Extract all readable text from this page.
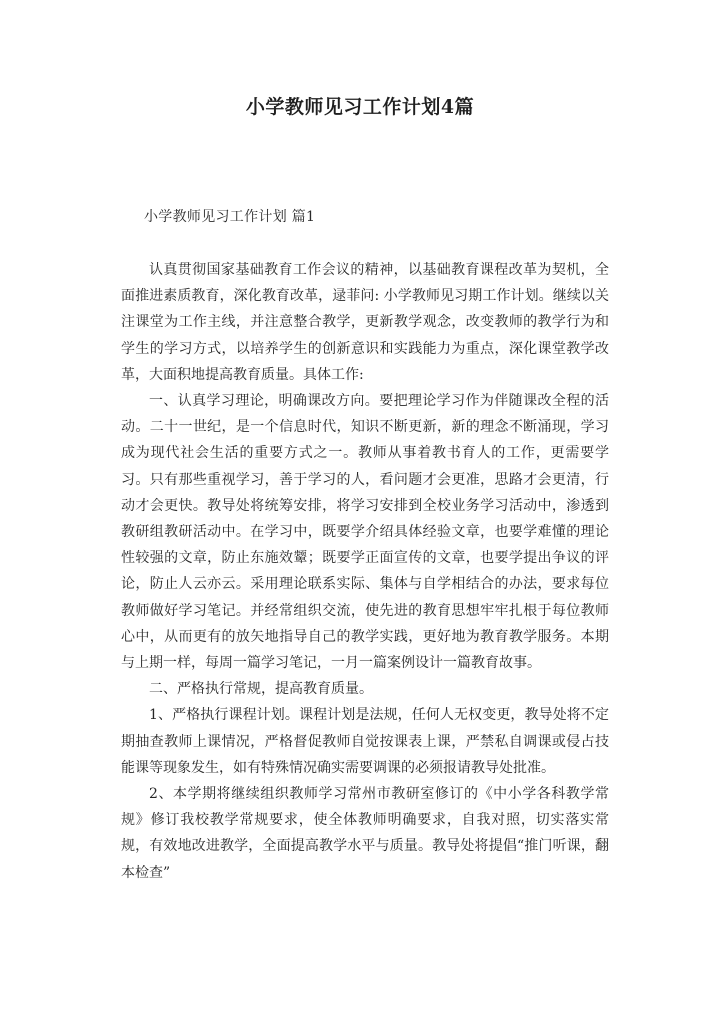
小学教师见习工作计划4篇
小学教师见习工作计划 篇1

认真贯彻国家基础教育工作会议的精神，以基础教育课程改革为契机，全面推进素质教育，深化教育改革，逯菲问: 小学教师见习期工作计划。继续以关注课堂为工作主线，并注意整合教学，更新教学观念，改变教师的教学行为和学生的学习方式，以培养学生的创新意识和实践能力为重点，深化课堂教学改革，大面积地提高教育质量。具体工作:

一、认真学习理论，明确课改方向。要把理论学习作为伴随课改全程的活动。二十一世纪，是一个信息时代，知识不断更新，新的理念不断涌现，学习成为现代社会生活的重要方式之一。教师从事着教书育人的工作，更需要学习。只有那些重视学习，善于学习的人，看问题才会更准，思路才会更清，行动才会更快。教导处将统筹安排，将学习安排到全校业务学习活动中，渗透到教研组教研活动中。在学习中，既要学介绍具体经验文章，也要学难懂的理论性较强的文章，防止东施效颦；既要学正面宣传的文章，也要学提出争议的评论，防止人云亦云。采用理论联系实际、集体与自学相结合的办法，要求每位教师做好学习笔记。并经常组织交流，使先进的教育思想牢牢扎根于每位教师心中，从而更有的放矢地指导自己的教学实践，更好地为教育教学服务。本期与上期一样，每周一篇学习笔记，一月一篇案例设计一篇教育故事。

二、严格执行常规，提高教育质量。

1、严格执行课程计划。课程计划是法规，任何人无权变更，教导处将不定期抽查教师上课情况，严格督促教师自觉按课表上课，严禁私自调课或侵占技能课等现象发生，如有特殊情况确实需要调课的必须报请教导处批准。

2、本学期将继续组织教师学习常州市教研室修订的《中小学各科教学常规》修订我校教学常规要求，使全体教师明确要求，自我对照，切实落实常规，有效地改进教学，全面提高教学水平与质量。教导处将提倡“推门听课，翻本检查”
